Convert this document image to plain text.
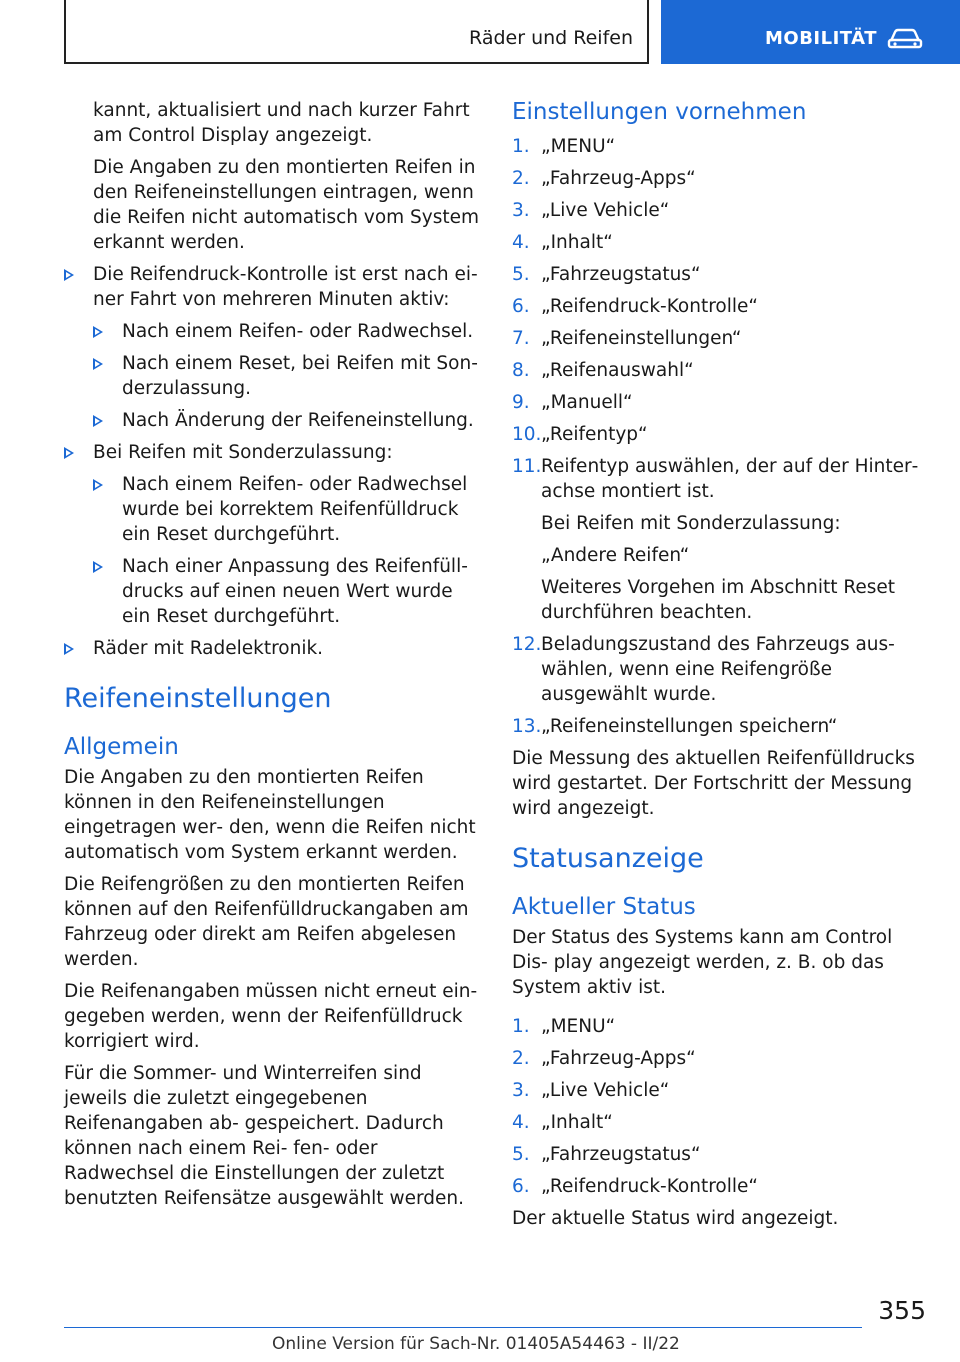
Räder und Reifen	MOBILITÄT

kannt, aktualisiert und nach kurzer Fahrt am Control Display angezeigt.

Die Angaben zu den montierten Reifen in den Reifeneinstellungen eintragen, wenn die Reifen nicht automatisch vom System erkannt werden.

Die Reifendruck-Kontrolle ist erst nach ei‐ ner Fahrt von mehreren Minuten aktiv:
Nach einem Reifen- oder Radwechsel.
Nach einem Reset, bei Reifen mit Son‐ derzulassung.
Nach Änderung der Reifeneinstellung.
Bei Reifen mit Sonderzulassung:
Nach einem Reifen- oder Radwechsel wurde bei korrektem Reifenfülldruck ein Reset durchgeführt.
Nach einer Anpassung des Reifenfüll‐ drucks auf einen neuen Wert wurde ein Reset durchgeführt.
Räder mit Radelektronik.
Reifeneinstellungen
Allgemein

Die Angaben zu den montierten Reifen können in den Reifeneinstellungen eingetragen wer‐ den, wenn die Reifen nicht automatisch vom System erkannt werden.

Die Reifengrößen zu den montierten Reifen können auf den Reifenfülldruckangaben am Fahrzeug oder direkt am Reifen abgelesen werden.

Die Reifenangaben müssen nicht erneut ein‐ gegeben werden, wenn der Reifenfülldruck korrigiert wird.

Für die Sommer- und Winterreifen sind jeweils die zuletzt eingegebenen Reifenangaben ab‐ gespeichert. Dadurch können nach einem Rei‐ fen- oder Radwechsel die Einstellungen der zuletzt benutzten Reifensätze ausgewählt werden.

Einstellungen vornehmen
1. „MENU“
2. „Fahrzeug-Apps“
3. „Live Vehicle“
4. „Inhalt“
5. „Fahrzeugstatus“
6. „Reifendruck-Kontrolle“
7. „Reifeneinstellungen“
8. „Reifenauswahl“
9. „Manuell“
10. „Reifentyp“
11. Reifentyp auswählen, der auf der Hinter‐ achse montiert ist.

Bei Reifen mit Sonderzulassung:

„Andere Reifen“

Weiteres Vorgehen im Abschnitt Reset durchführen beachten.

12. Beladungszustand des Fahrzeugs aus‐ wählen, wenn eine Reifengröße ausgewählt wurde.
13. „Reifeneinstellungen speichern“

Die Messung des aktuellen Reifenfülldrucks wird gestartet. Der Fortschritt der Messung wird angezeigt.

Statusanzeige
Aktueller Status

Der Status des Systems kann am Control Dis‐ play angezeigt werden, z. B. ob das System aktiv ist.

1. „MENU“
2. „Fahrzeug-Apps“
3. „Live Vehicle“
4. „Inhalt“
5. „Fahrzeugstatus“
6. „Reifendruck-Kontrolle“

Der aktuelle Status wird angezeigt.

355
Online Version für Sach-Nr. 01405A54463 - II/22
